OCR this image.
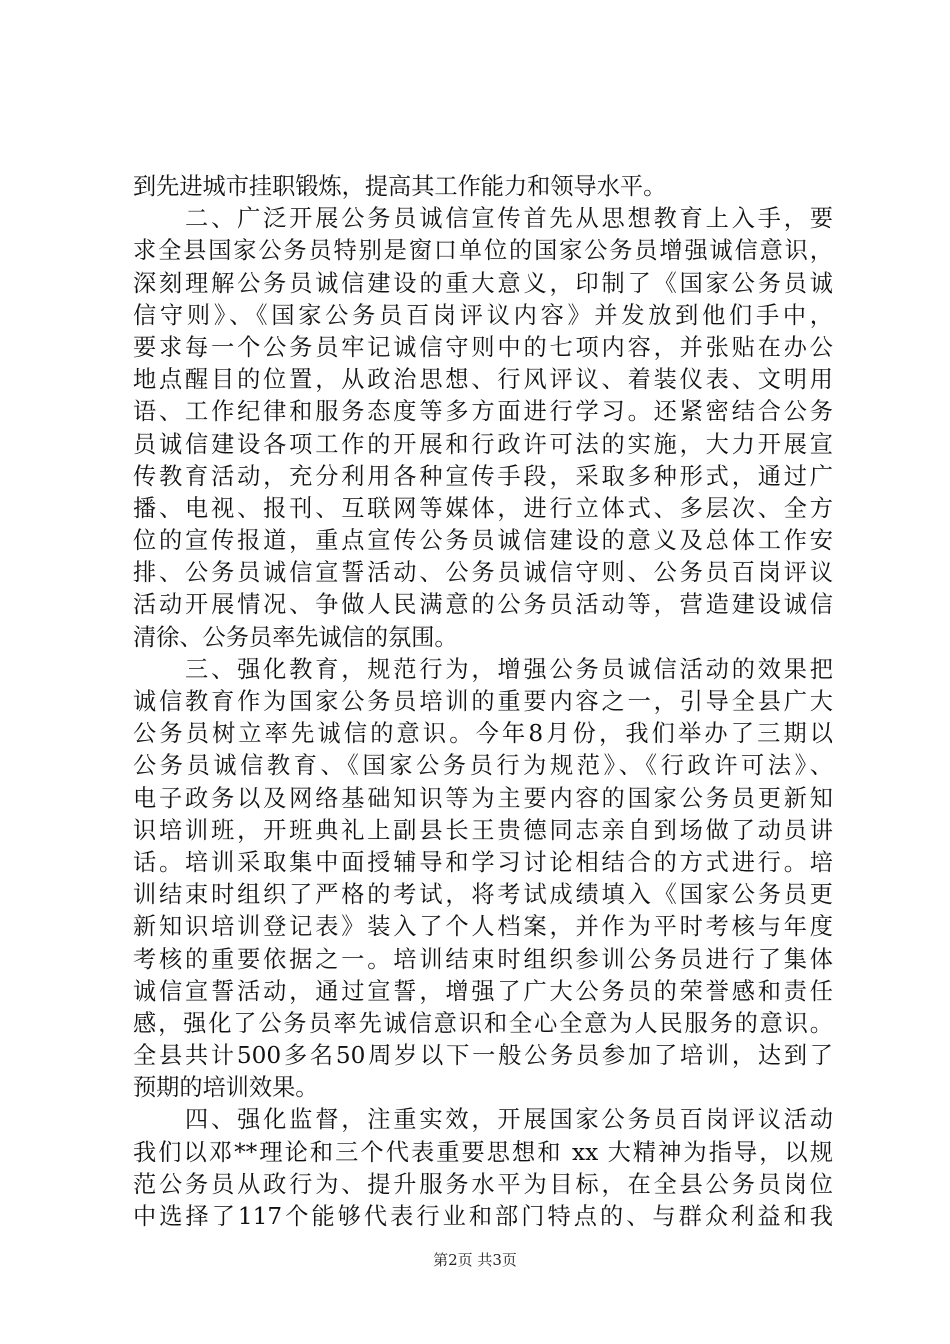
到先进城市挂职锻炼，提高其工作能力和领导水平。
　　二、广泛开展公务员诚信宣传首先从思想教育上入手，要
求全县国家公务员特别是窗口单位的国家公务员增强诚信意识，
深刻理解公务员诚信建设的重大意义，印制了《国家公务员诚
信守则》、《国家公务员百岗评议内容》并发放到他们手中，
要求每一个公务员牢记诚信守则中的七项内容，并张贴在办公
地点醒目的位置，从政治思想、行风评议、着装仪表、文明用
语、工作纪律和服务态度等多方面进行学习。还紧密结合公务
员诚信建设各项工作的开展和行政许可法的实施，大力开展宣
传教育活动，充分利用各种宣传手段，采取多种形式，通过广
播、电视、报刊、互联网等媒体，进行立体式、多层次、全方
位的宣传报道，重点宣传公务员诚信建设的意义及总体工作安
排、公务员诚信宣誓活动、公务员诚信守则、公务员百岗评议
活动开展情况、争做人民满意的公务员活动等，营造建设诚信
清徐、公务员率先诚信的氛围。
　　三、强化教育，规范行为，增强公务员诚信活动的效果把
诚信教育作为国家公务员培训的重要内容之一，引导全县广大
公务员树立率先诚信的意识。今年8月份，我们举办了三期以
公务员诚信教育、《国家公务员行为规范》、《行政许可法》、
电子政务以及网络基础知识等为主要内容的国家公务员更新知
识培训班，开班典礼上副县长王贵德同志亲自到场做了动员讲
话。培训采取集中面授辅导和学习讨论相结合的方式进行。培
训结束时组织了严格的考试，将考试成绩填入《国家公务员更
新知识培训登记表》装入了个人档案，并作为平时考核与年度
考核的重要依据之一。培训结束时组织参训公务员进行了集体
诚信宣誓活动，通过宣誓，增强了广大公务员的荣誉感和责任
感，强化了公务员率先诚信意识和全心全意为人民服务的意识。
全县共计500多名50周岁以下一般公务员参加了培训，达到了
预期的培训效果。
　　四、强化监督，注重实效，开展国家公务员百岗评议活动
我们以邓**理论和三个代表重要思想和 xx 大精神为指导，以规
范公务员从政行为、提升服务水平为目标，在全县公务员岗位
中选择了117个能够代表行业和部门特点的、与群众利益和我
第2页 共3页
